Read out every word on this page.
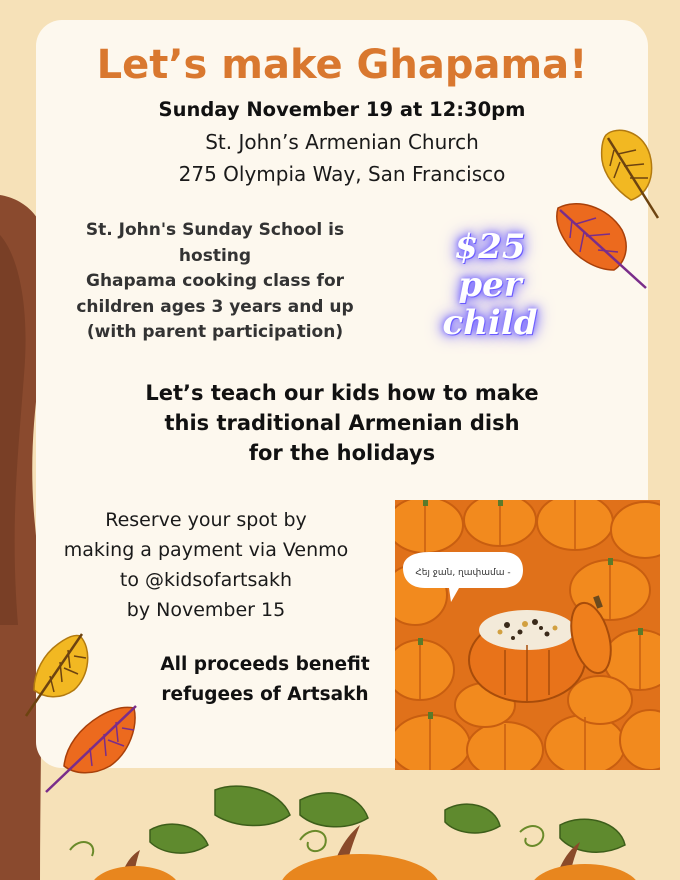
Let’s make Ghapama!
Sunday November 19 at 12:30pm
St. John’s Armenian Church
275 Olympia Way, San Francisco
St. John's Sunday School is
hosting
Ghapama cooking class for
children ages 3 years and up
(with parent participation)
$25
per
child
Let’s teach our kids how to make
this traditional Armenian dish
for the holidays
Reserve your spot by
making a payment via Venmo
to @kidsofartsakh
by November 15
All proceeds benefit
refugees of Artsakh
Հեյ ջան, ղափամա -
